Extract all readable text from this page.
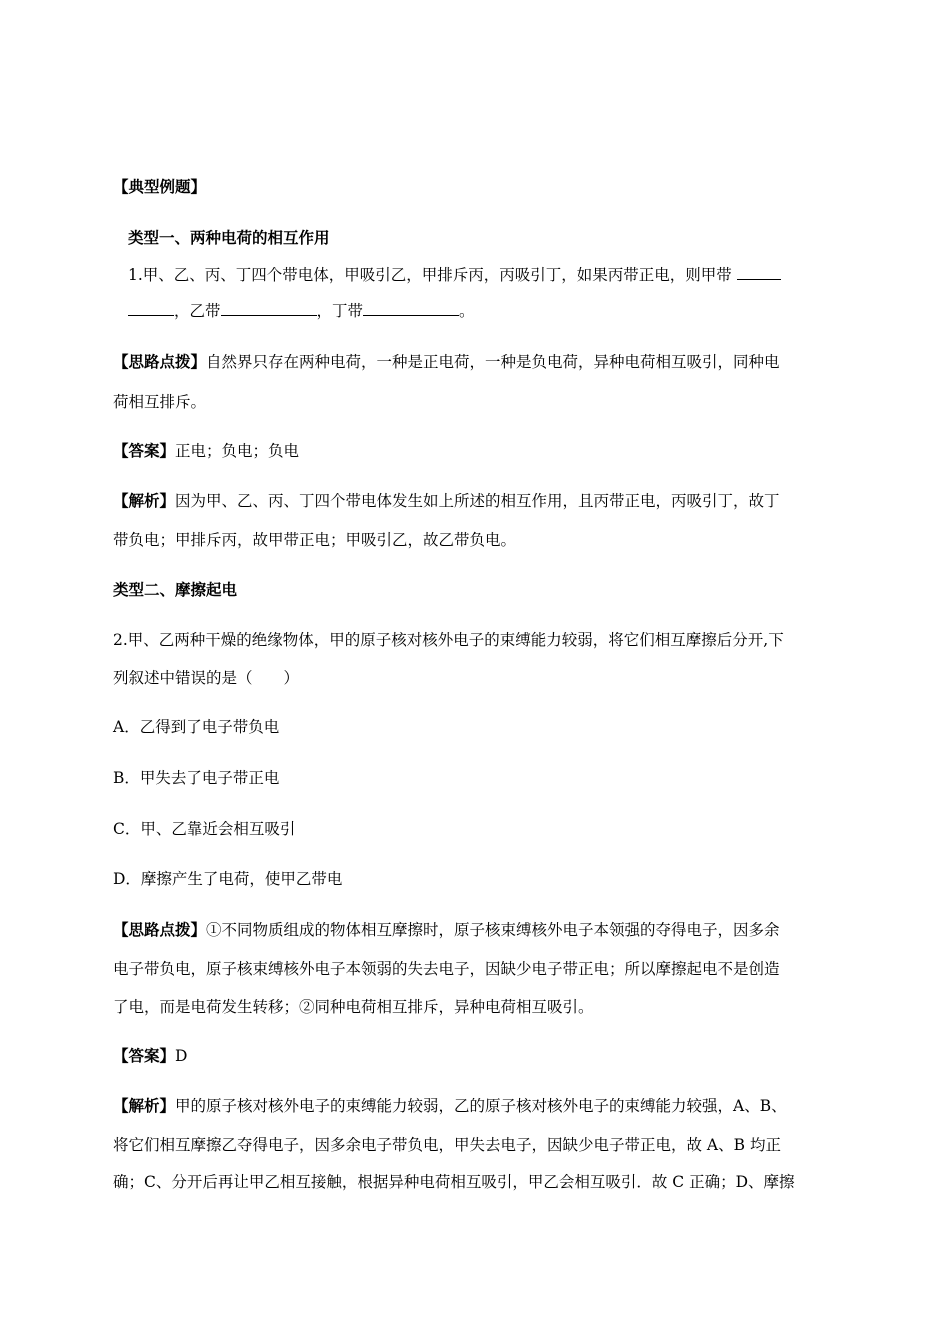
【典型例题】
类型一、两种电荷的相互作用
1.甲、乙、丙、丁四个带电体，甲吸引乙，甲排斥丙，丙吸引丁，如果丙带正电，则甲带
，乙带	，丁带	。
【思路点拨】自然界只存在两种电荷，一种是正电荷，一种是负电荷，异种电荷相互吸引，同种电
荷相互排斥。
【答案】正电；负电；负电
【解析】因为甲、乙、丙、丁四个带电体发生如上所述的相互作用，且丙带正电，丙吸引丁，故丁
带负电；甲排斥丙，故甲带正电；甲吸引乙，故乙带负电。
类型二、摩擦起电
2.甲、乙两种干燥的绝缘物体，甲的原子核对核外电子的束缚能力较弱，将它们相互摩擦后分开,下
列叙述中错误的是（　　）
A．乙得到了电子带负电
B．甲失去了电子带正电
C．甲、乙靠近会相互吸引
D．摩擦产生了电荷，使甲乙带电
【思路点拨】①不同物质组成的物体相互摩擦时，原子核束缚核外电子本领强的夺得电子，因多余
电子带负电，原子核束缚核外电子本领弱的失去电子，因缺少电子带正电；所以摩擦起电不是创造
了电，而是电荷发生转移；②同种电荷相互排斥，异种电荷相互吸引。
【答案】D
【解析】甲的原子核对核外电子的束缚能力较弱，乙的原子核对核外电子的束缚能力较强，A、B、
将它们相互摩擦乙夺得电子，因多余电子带负电，甲失去电子，因缺少电子带正电，故 A、B 均正
确；C、分开后再让甲乙相互接触，根据异种电荷相互吸引，甲乙会相互吸引．故 C 正确；D、摩擦
